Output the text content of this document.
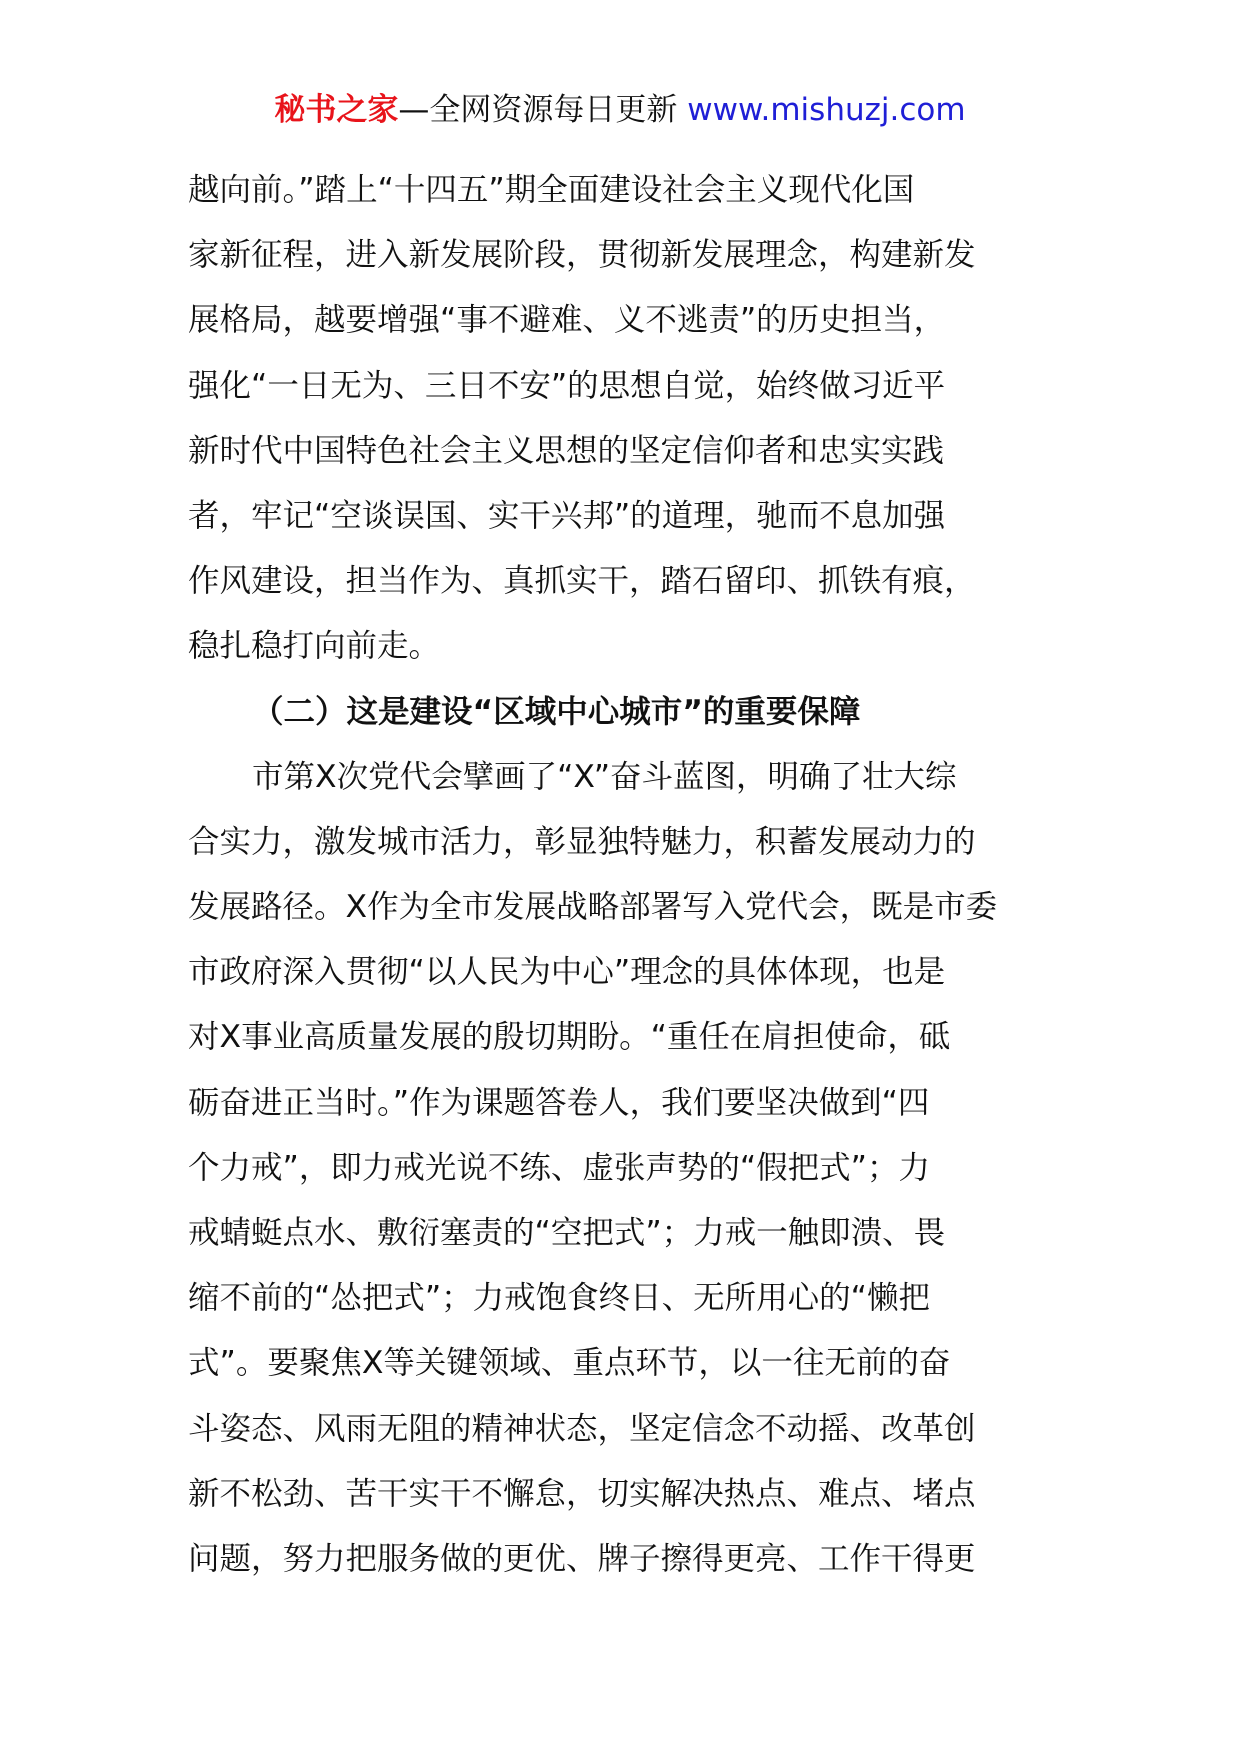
秘书之家—全网资源每日更新 www.mishuzj.com
越向前。”踏上“十四五”期全面建设社会主义现代化国
家新征程，进入新发展阶段，贯彻新发展理念，构建新发
展格局，越要增强“事不避难、义不逃责”的历史担当，
强化“一日无为、三日不安”的思想自觉，始终做习近平
新时代中国特色社会主义思想的坚定信仰者和忠实实践
者，牢记“空谈误国、实干兴邦”的道理，驰而不息加强
作风建设，担当作为、真抓实干，踏石留印、抓铁有痕，
稳扎稳打向前走。
（二）这是建设“区域中心城市”的重要保障
市第X次党代会擘画了“X”奋斗蓝图，明确了壮大综
合实力，激发城市活力，彰显独特魅力，积蓄发展动力的
发展路径。X作为全市发展战略部署写入党代会，既是市委
市政府深入贯彻“以人民为中心”理念的具体体现，也是
对X事业高质量发展的殷切期盼。“重任在肩担使命，砥
砺奋进正当时。”作为课题答卷人，我们要坚决做到“四
个力戒”，即力戒光说不练、虚张声势的“假把式”；力
戒蜻蜓点水、敷衍塞责的“空把式”；力戒一触即溃、畏
缩不前的“怂把式”；力戒饱食终日、无所用心的“懒把
式”。要聚焦X等关键领域、重点环节，以一往无前的奋
斗姿态、风雨无阻的精神状态，坚定信念不动摇、改革创
新不松劲、苦干实干不懈怠，切实解决热点、难点、堵点
问题，努力把服务做的更优、牌子擦得更亮、工作干得更
